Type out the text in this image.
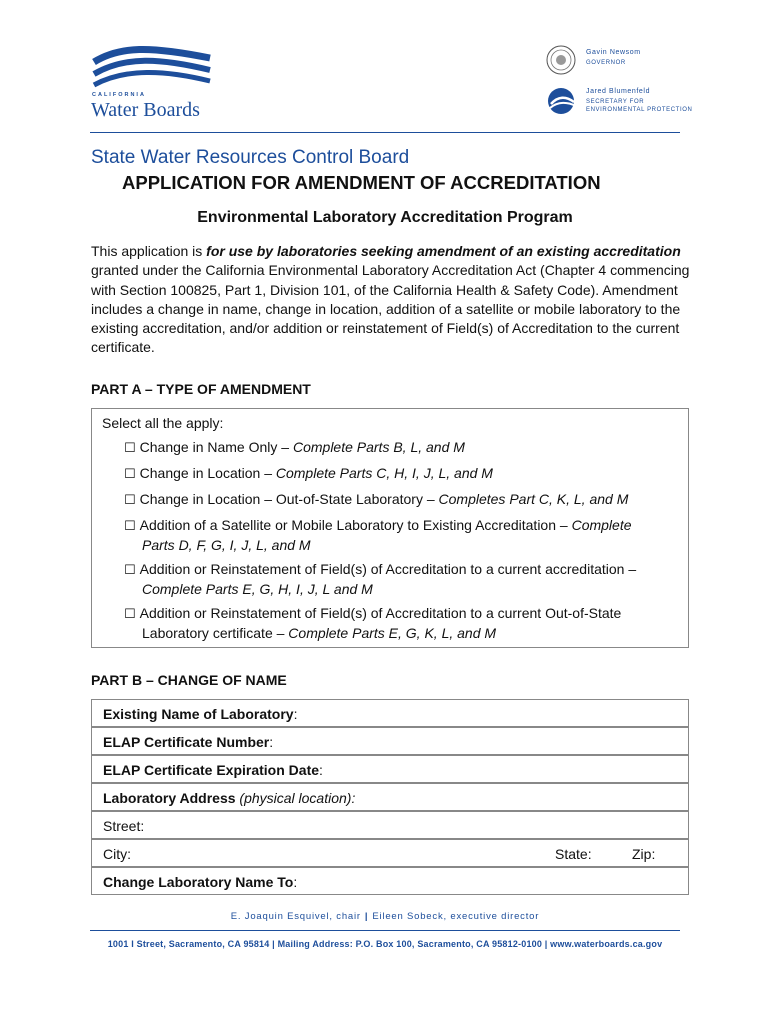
CALIFORNIA
Water Boards
Gavin Newsom
GOVERNOR
Jared Blumenfeld
SECRETARY FOR
ENVIRONMENTAL PROTECTION
State Water Resources Control Board
APPLICATION FOR AMENDMENT OF ACCREDITATION
Environmental Laboratory Accreditation Program
This application is for use by laboratories seeking amendment of an existing accreditation granted under the California Environmental Laboratory Accreditation Act (Chapter 4 commencing with Section 100825, Part 1, Division 101, of the California Health & Safety Code). Amendment includes a change in name, change in location, addition of a satellite or mobile laboratory to the existing accreditation, and/or addition or reinstatement of Field(s) of Accreditation to the current certificate.
PART A – TYPE OF AMENDMENT
Select all the apply:
☐ Change in Name Only – Complete Parts B, L, and M
☐ Change in Location – Complete Parts C, H, I, J, L, and M
☐ Change in Location – Out-of-State Laboratory – Completes Part C, K, L, and M
☐ Addition of a Satellite or Mobile Laboratory to Existing Accreditation – Complete
Parts D, F, G, I, J, L, and M
☐ Addition or Reinstatement of Field(s) of Accreditation to a current accreditation –
Complete Parts E, G, H, I, J, L and M
☐ Addition or Reinstatement of Field(s) of Accreditation to a current Out-of-State
Laboratory certificate – Complete Parts E, G, K, L, and M
PART B – CHANGE OF NAME
Existing Name of Laboratory:
ELAP Certificate Number:
ELAP Certificate Expiration Date:
Laboratory Address (physical location):
Street:
City:	State:	Zip:
Change Laboratory Name To:
E. Joaquin Esquivel, chair | Eileen Sobeck, executive director
1001 I Street, Sacramento, CA 95814 | Mailing Address: P.O. Box 100, Sacramento, CA 95812-0100 | www.waterboards.ca.gov
